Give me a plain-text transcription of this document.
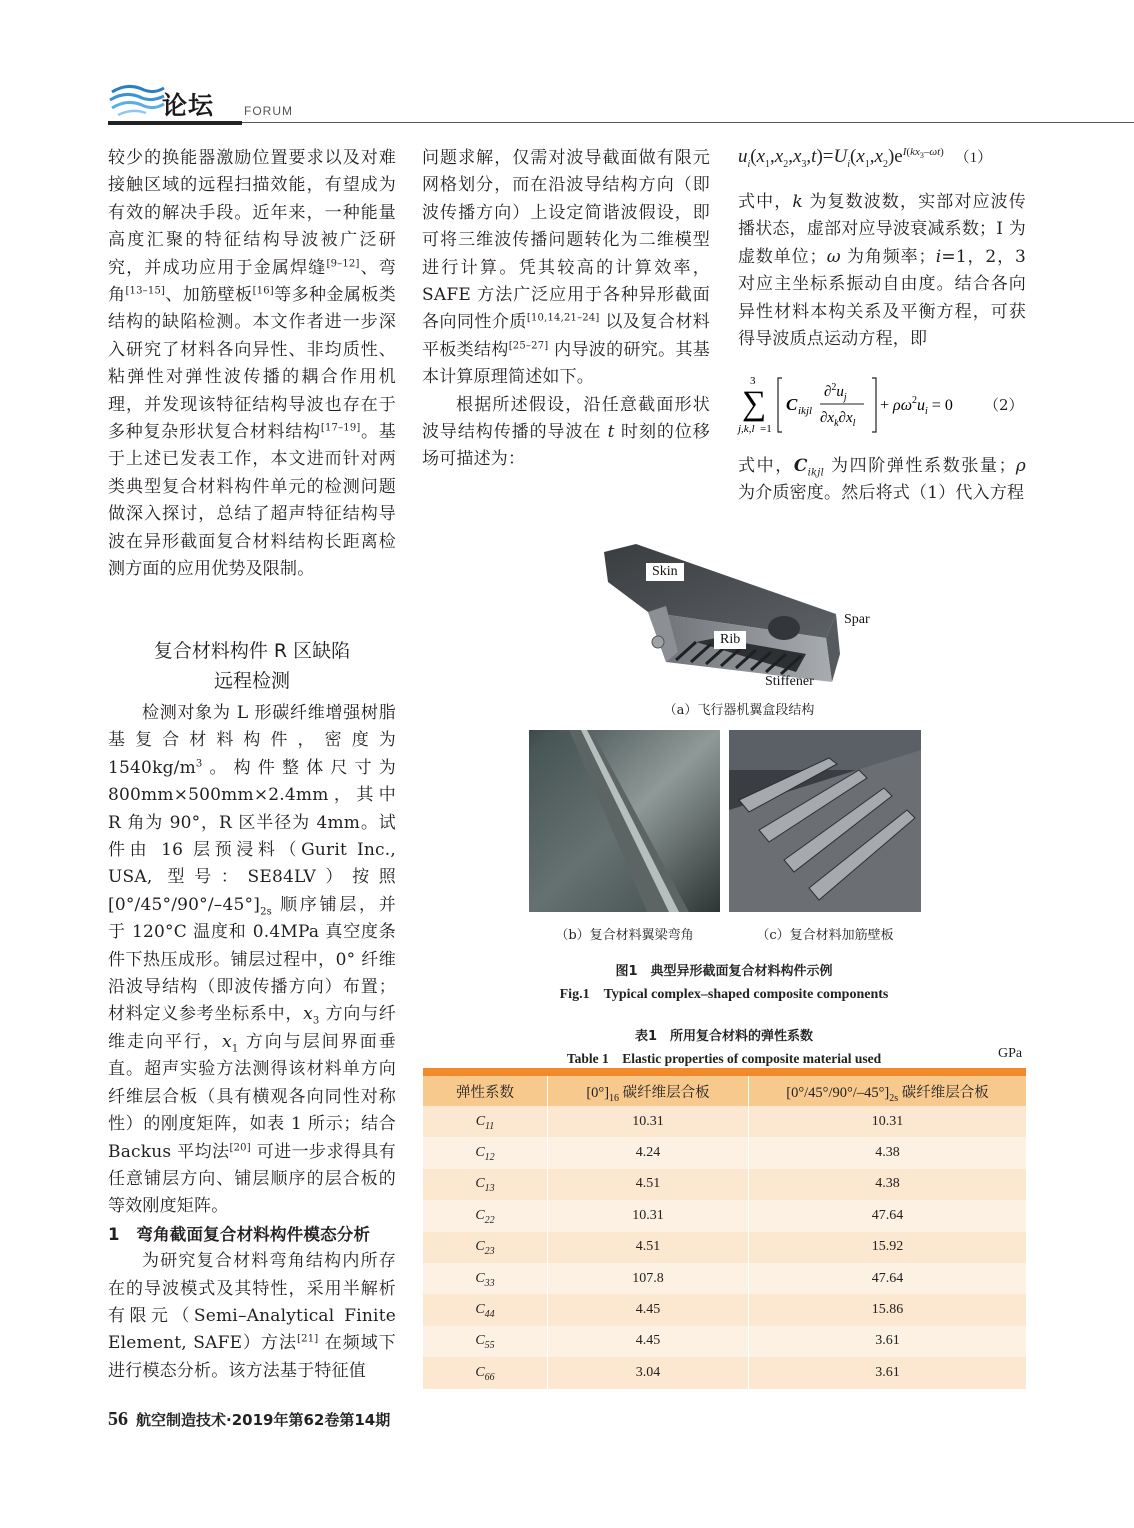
论坛 FORUM

较少的换能器激励位置要求以及对难接触区域的远程扫描效能，有望成为有效的解决手段。近年来，一种能量高度汇聚的特征结构导波被广泛研究，并成功应用于金属焊缝[9–12]、弯角[13–15]、加筋壁板[16]等多种金属板类结构的缺陷检测。本文作者进一步深入研究了材料各向异性、非均质性、粘弹性对弹性波传播的耦合作用机理，并发现该特征结构导波也存在于多种复杂形状复合材料结构[17–19]。基于上述已发表工作，本文进而针对两类典型复合材料构件单元的检测问题做深入探讨，总结了超声特征结构导波在异形截面复合材料结构长距离检测方面的应用优势及限制。

复合材料构件 R 区缺陷
远程检测

检测对象为 L 形碳纤维增强树脂基复合材料构件，密度为 $1540kg/m^3$。构件整体尺寸为 800mm×500mm×2.4mm，其中 R 角为 90°，R 区半径为 4mm。试件由 16 层预浸料（Gurit Inc., USA, 型号：SE84LV）按照 $[0^\circ/45^\circ/90^\circ/-45^\circ]_{2s}$ 顺序铺层，并于 120°C 温度和 0.4MPa 真空度条件下热压成形。铺层过程中，0° 纤维沿波导结构（即波传播方向）布置；材料定义参考坐标系中，$x_3$ 方向与纤维走向平行，$x_1$ 方向与层间界面垂直。超声实验方法测得该材料单方向纤维层合板（具有横观各向同性对称性）的刚度矩阵，如表 1 所示；结合 Backus 平均法[20] 可进一步求得具有任意铺层方向、铺层顺序的层合板的等效刚度矩阵。

1　弯角截面复合材料构件模态分析

为研究复合材料弯角结构内所存在的导波模式及其特性，采用半解析有限元（Semi–Analytical Finite Element, SAFE）方法[21] 在频域下进行模态分析。该方法基于特征值

问题求解，仅需对波导截面做有限元网格划分，而在沿波导结构方向（即波传播方向）上设定简谐波假设，即可将三维波传播问题转化为二维模型进行计算。凭其较高的计算效率，SAFE 方法广泛应用于各种异形截面各向同性介质[10,14,21–24] 以及复合材料平板类结构[25–27] 内导波的研究。其基本计算原理简述如下。

根据所述假设，沿任意截面形状波导结构传播的导波在 t 时刻的位移场可描述为：

$u_i(x_1,x_2,x_3,t)=U_i(x_1,x_2)e^{I(kx_3-\omega t)}$ （1）

式中，k 为复数波数，实部对应波传播状态，虚部对应导波衰减系数；I 为虚数单位；ω 为角频率；i=1，2，3 对应主坐标系振动自由度。结合各向异性材料本构关系及平衡方程，可获得导波质点运动方程，即

3
∑
j,k,l =1
C ikjl
$\partial^2u_j$
$\partial x_k\partial x_l$
+ $\rho\omega^2u_i = 0$ （2）

式中，$C_{ikjl}$ 为四阶弹性系数张量；ρ 为介质密度。然后将式（1）代入方程

Skin
Spar
Rib
Stiffener
（a）飞行器机翼盒段结构
（b）复合材料翼梁弯角	（c）复合材料加筋壁板
图1　典型异形截面复合材料构件示例
Fig.1　Typical complex–shaped composite components
表1　所用复合材料的弹性系数
Table 1　Elastic properties of composite material used	GPa

弹性系数	$[0^\circ]_{16}$ 碳纤维层合板	$[0^\circ/45^\circ/90^\circ/-45^\circ]_{2s}$ 碳纤维层合板
$C_{11}$	10.31	10.31
$C_{12}$	4.24	4.38
$C_{13}$	4.51	4.38
$C_{22}$	10.31	47.64
$C_{23}$	4.51	15.92
$C_{33}$	107.8	47.64
$C_{44}$	4.45	15.86
$C_{55}$	4.45	3.61
$C_{66}$	3.04	3.61
56 航空制造技术·2019年第62卷第14期
